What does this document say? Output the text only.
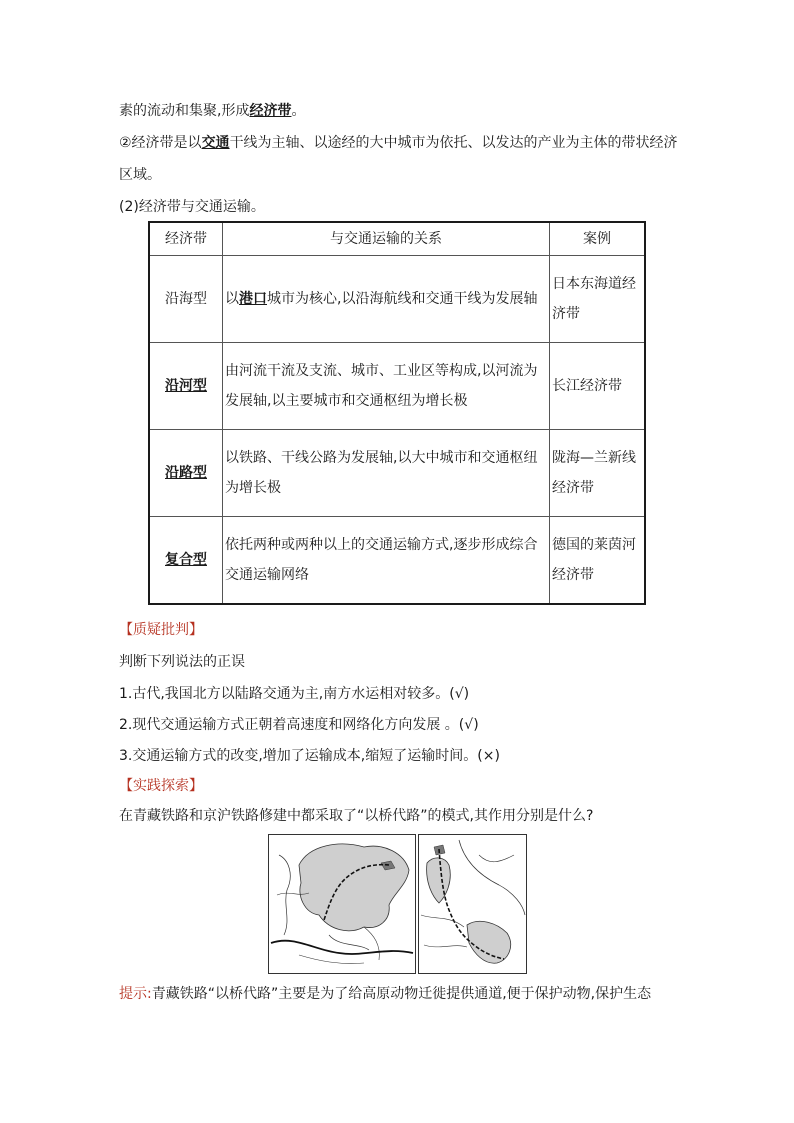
素的流动和集聚,形成经济带。
②经济带是以交通干线为主轴、以途经的大中城市为依托、以发达的产业为主体的带状经济
区域。
(2)经济带与交通运输。
经济带	与交通运输的关系	案例
沿海型	以港口城市为核心,以沿海航线和交通干线为发展轴	日本东海道经济带
沿河型	由河流干流及支流、城市、工业区等构成,以河流为发展轴,以主要城市和交通枢纽为增长极	长江经济带
沿路型	以铁路、干线公路为发展轴,以大中城市和交通枢纽为增长极	陇海—兰新线经济带
复合型	依托两种或两种以上的交通运输方式,逐步形成综合交通运输网络	德国的莱茵河经济带
【质疑批判】
判断下列说法的正误
1.古代,我国北方以陆路交通为主,南方水运相对较多。(√)
2.现代交通运输方式正朝着高速度和网络化方向发展 。(√)
3.交通运输方式的改变,增加了运输成本,缩短了运输时间。(×)
【实践探索】
在青藏铁路和京沪铁路修建中都采取了“以桥代路”的模式,其作用分别是什么?
提示:青藏铁路“以桥代路”主要是为了给高原动物迁徙提供通道,便于保护动物,保护生态
